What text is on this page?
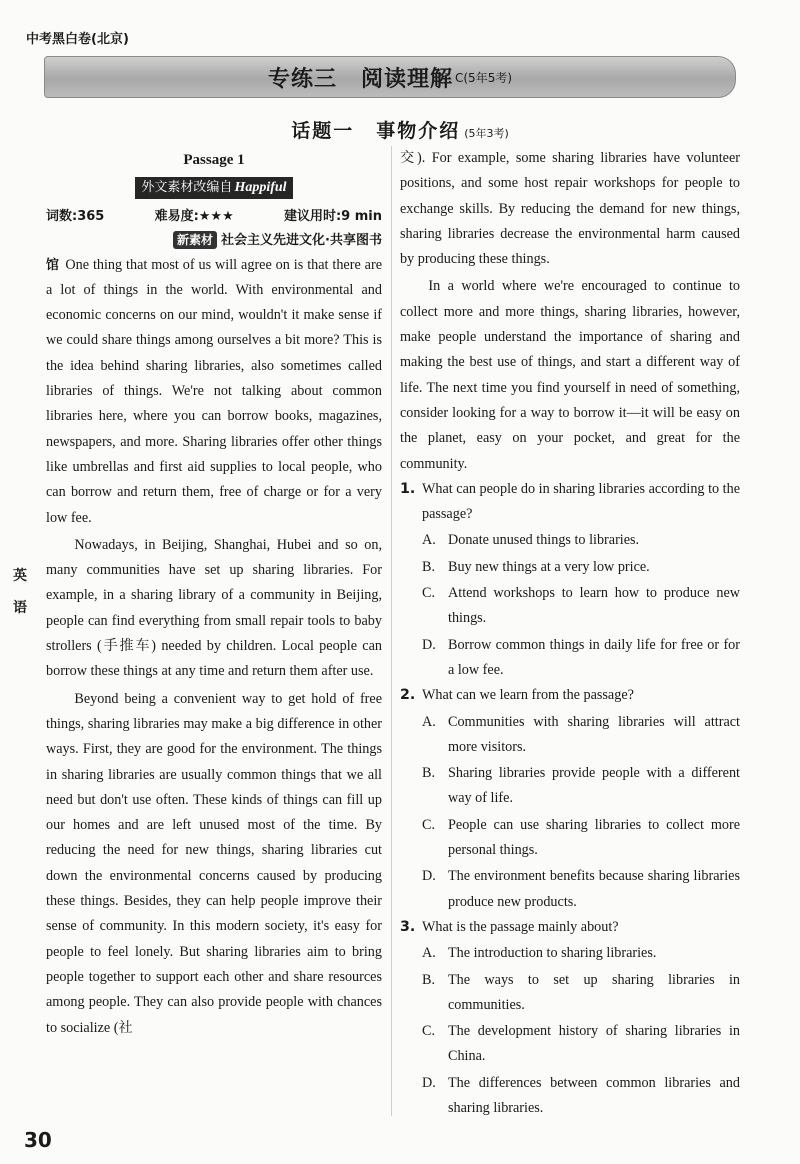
中考黑白卷(北京)
专练三 阅读理解 C(5年5考)
话题一 事物介绍 (5年3考)
英
语
Passage 1
外文素材改编自 Happiful
词数:365	难易度:★★★	建议用时:9 min
新素材 社会主义先进文化·共享图书

馆 One thing that most of us will agree on is that there are a lot of things in the world. With environmental and economic concerns on our mind, wouldn't it make sense if we could share things among ourselves a bit more? This is the idea behind sharing libraries, also sometimes called libraries of things. We're not talking about common libraries here, where you can borrow books, magazines, newspapers, and more. Sharing libraries offer other things like umbrellas and first aid supplies to local people, who can borrow and return them, free of charge or for a very low fee.

Nowadays, in Beijing, Shanghai, Hubei and so on, many communities have set up sharing libraries. For example, in a sharing library of a community in Beijing, people can find everything from small repair tools to baby strollers (手推车) needed by children. Local people can borrow these things at any time and return them after use.

Beyond being a convenient way to get hold of free things, sharing libraries may make a big difference in other ways. First, they are good for the environment. The things in sharing libraries are usually common things that we all need but don't use often. These kinds of things can fill up our homes and are left unused most of the time. By reducing the need for new things, sharing libraries cut down the environmental concerns caused by producing these things. Besides, they can help people improve their sense of community. In this modern society, it's easy for people to feel lonely. But sharing libraries aim to bring people together to support each other and share resources among people. They can also provide people with chances to socialize (社

交). For example, some sharing libraries have volunteer positions, and some host repair workshops for people to exchange skills. By reducing the demand for new things, sharing libraries decrease the environmental harm caused by producing these things.

In a world where we're encouraged to continue to collect more and more things, sharing libraries, however, make people understand the importance of sharing and making the best use of things, and start a different way of life. The next time you find yourself in need of something, consider looking for a way to borrow it—it will be easy on the planet, easy on your pocket, and great for the community.

1. What can people do in sharing libraries according to the passage?
A. Donate unused things to libraries.
B. Buy new things at a very low price.
C. Attend workshops to learn how to produce new things.
D. Borrow common things in daily life for free or for a low fee.
2. What can we learn from the passage?
A. Communities with sharing libraries will attract more visitors.
B. Sharing libraries provide people with a different way of life.
C. People can use sharing libraries to collect more personal things.
D. The environment benefits because sharing libraries produce new products.
3. What is the passage mainly about?
A. The introduction to sharing libraries.
B. The ways to set up sharing libraries in communities.
C. The development history of sharing libraries in China.
D. The differences between common libraries and sharing libraries.
30
